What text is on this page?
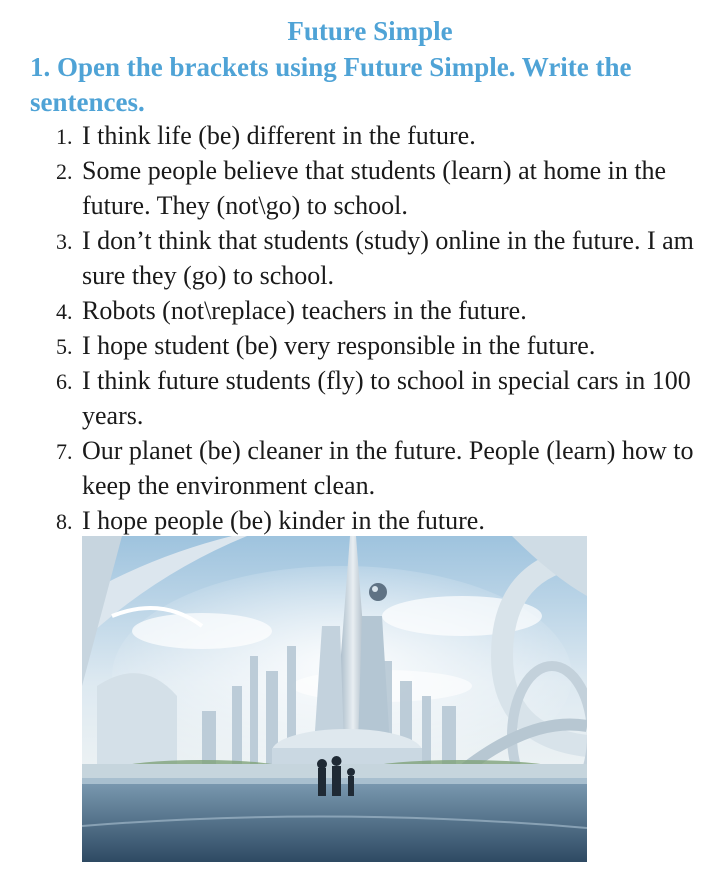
Future Simple

1. Open the brackets using Future Simple. Write the sentences.

1. I think life (be) different in the future.
2. Some people believe that students (learn) at home in the future. They (not\go) to school.
3. I don’t think that students (study) online in the future. I am sure they (go) to school.
4. Robots (not\replace) teachers in the future.
5. I hope student (be) very responsible in the future.
6. I think future students (fly) to school in special cars in 100 years.
7. Our planet (be) cleaner in the future. People (learn) how to keep the environment clean.
8. I hope people (be) kinder in the future.
